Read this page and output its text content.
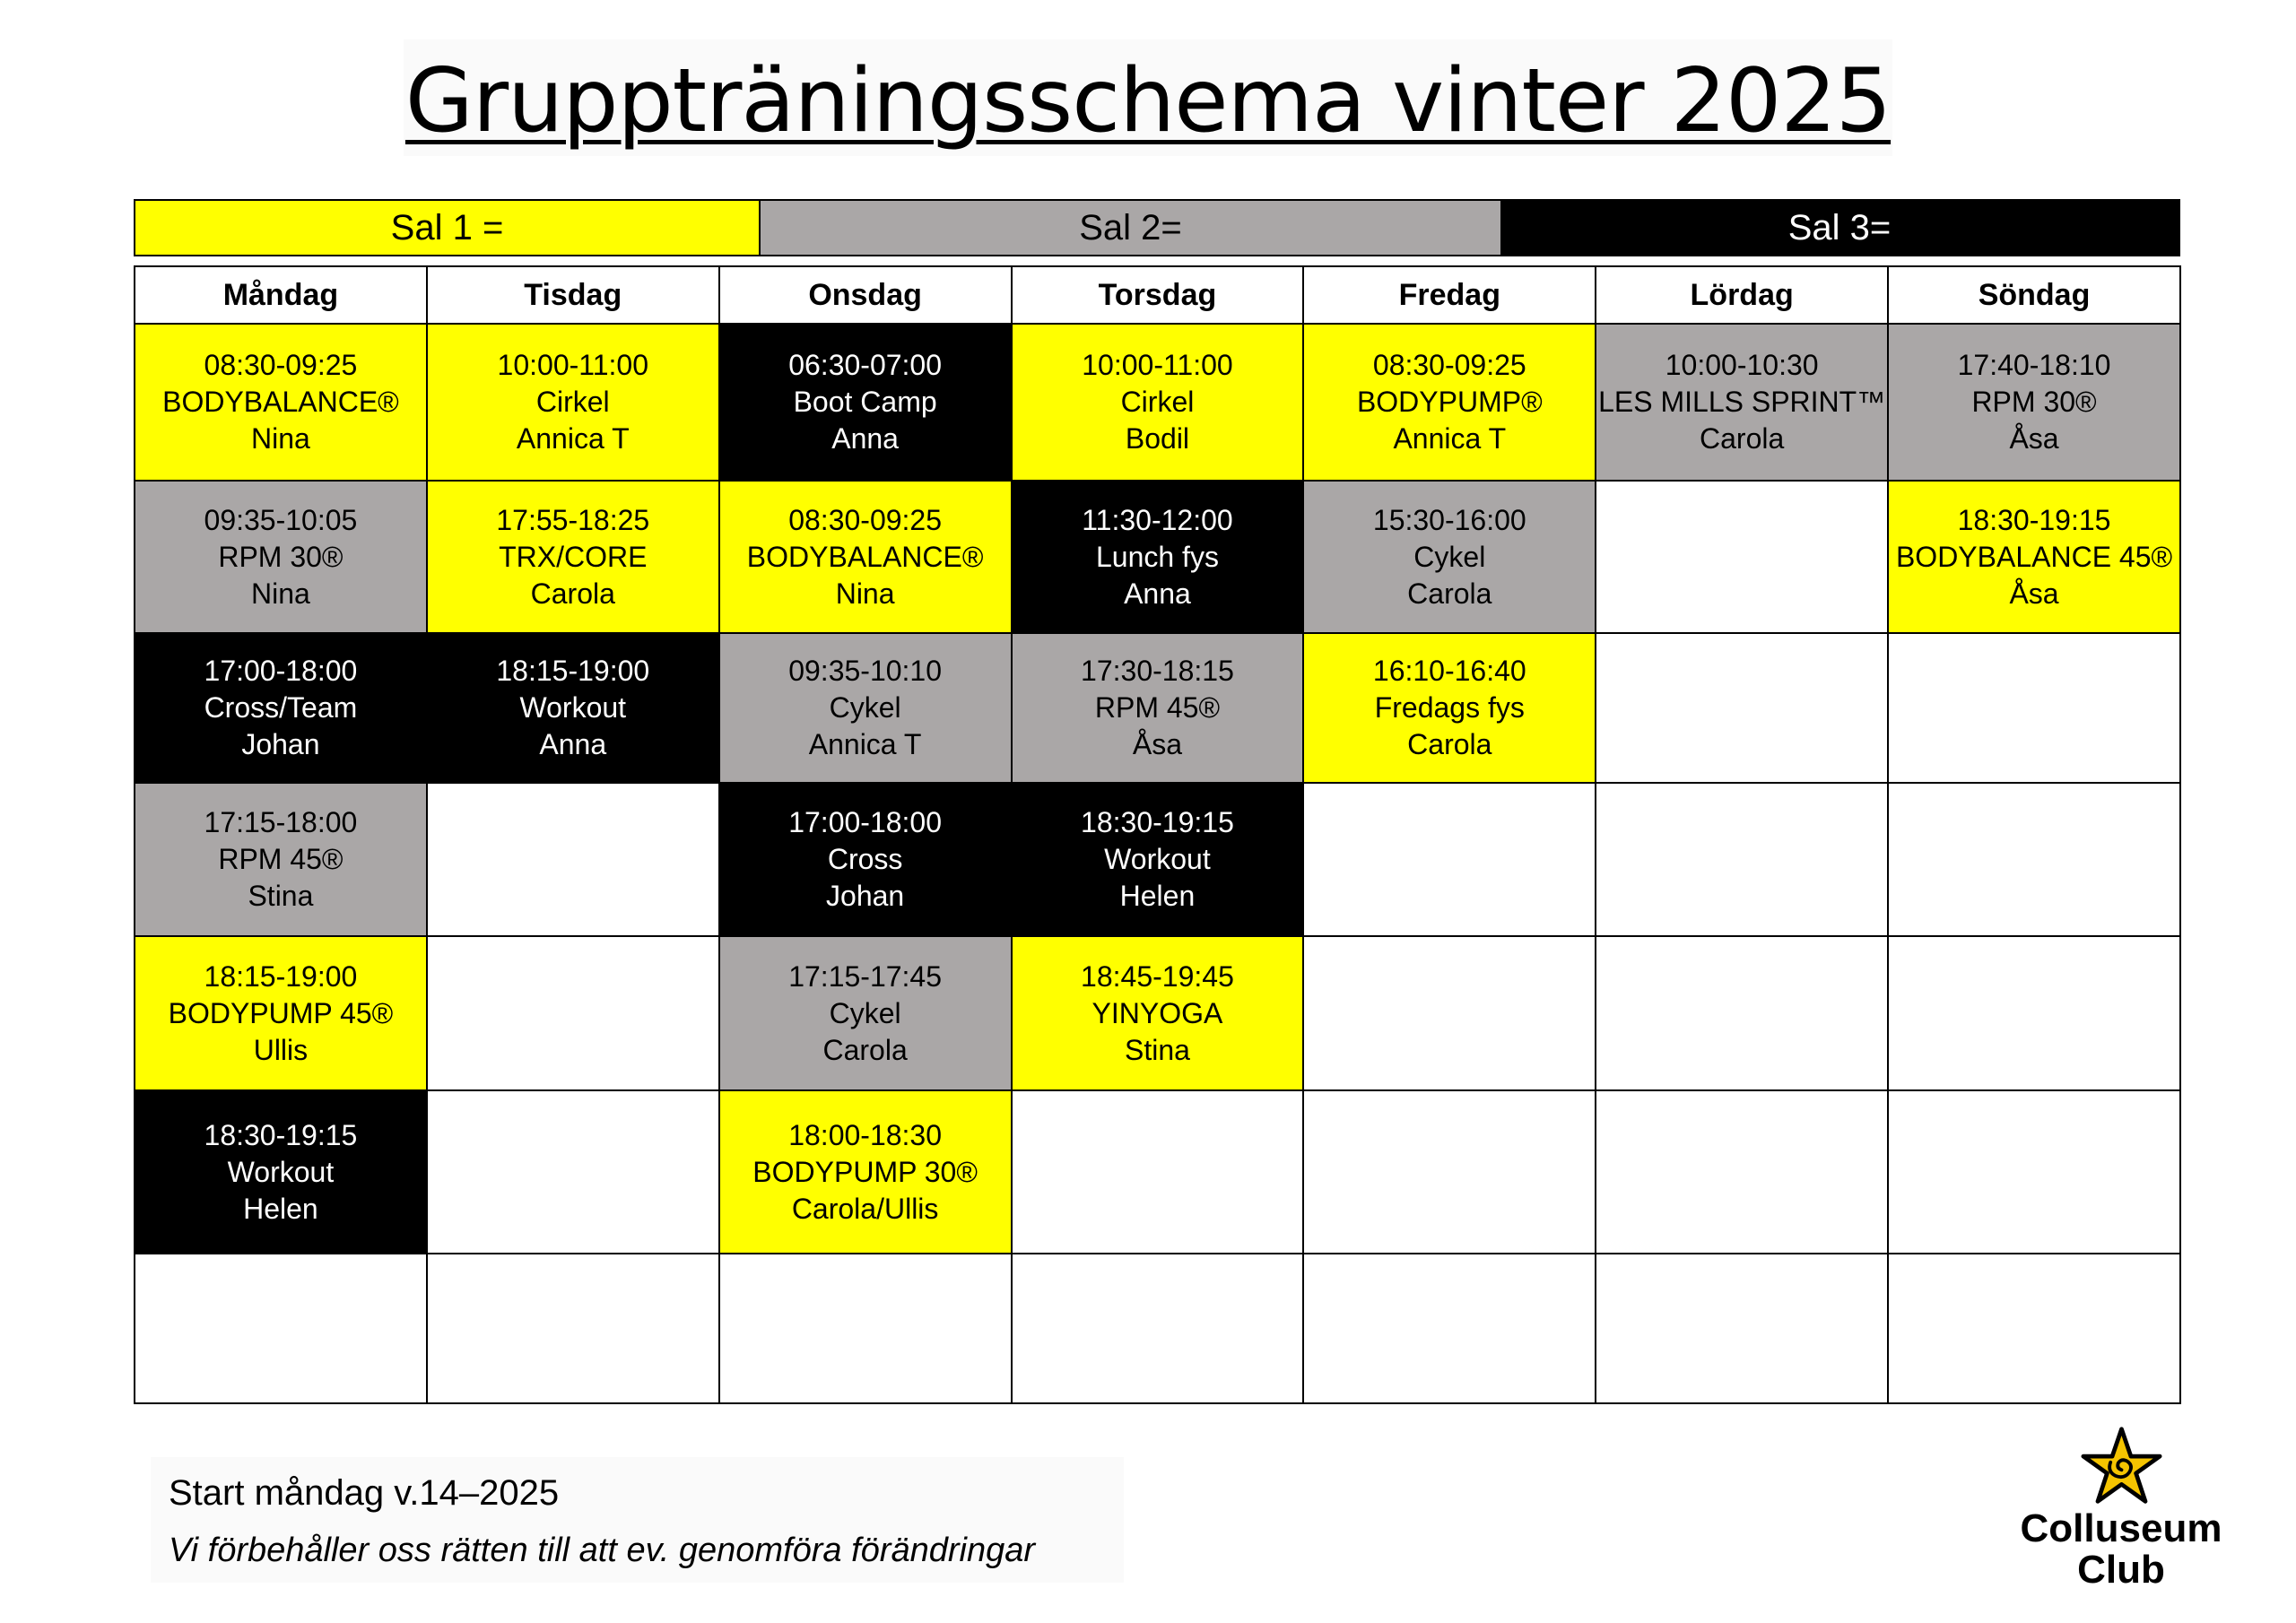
Gruppträningsschema vinter 2025
Sal 1 =	Sal 2=	Sal 3=
Måndag	Tisdag	Onsdag	Torsdag	Fredag	Lördag	Söndag

08:30-09:25
BODYBALANCE®
Nina	10:00-11:00
Cirkel
Annica T	06:30-07:00
Boot Camp
Anna	10:00-11:00
Cirkel
Bodil	08:30-09:25
BODYPUMP®
Annica T	10:00-10:30
LES MILLS SPRINT™
Carola	17:40-18:10
RPM 30®
Åsa

09:35-10:05
RPM 30®
Nina	17:55-18:25
TRX/CORE
Carola	08:30-09:25
BODYBALANCE®
Nina	11:30-12:00
Lunch fys
Anna	15:30-16:00
Cykel
Carola		18:30-19:15
BODYBALANCE 45®
Åsa

17:00-18:00
Cross/Team
Johan	18:15-19:00
Workout
Anna	09:35-10:10
Cykel
Annica T	17:30-18:15
RPM 45®
Åsa	16:10-16:40
Fredags fys
Carola		

17:15-18:00
RPM 45®
Stina		17:00-18:00
Cross
Johan	18:30-19:15
Workout
Helen			

18:15-19:00
BODYPUMP 45®
Ullis		17:15-17:45
Cykel
Carola	18:45-19:45
YINYOGA
Stina			

18:30-19:15
Workout
Helen		18:00-18:30
BODYPUMP 30®
Carola/Ullis				

Start måndag v.14–2025
Vi förbehåller oss rätten till att ev. genomföra förändringar	Colluseum
Club
